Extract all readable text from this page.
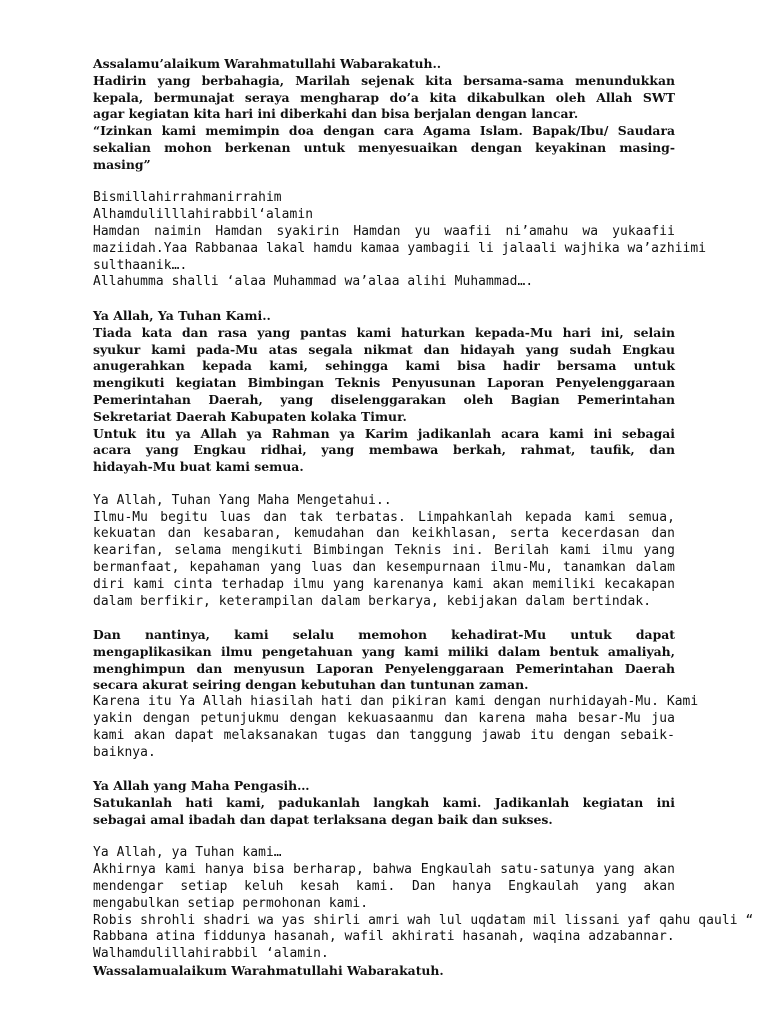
Assalamu’alaikum Warahmatullahi Wabarakatuh..
Hadirin yang berbahagia, Marilah sejenak kita bersama-sama menundukkan
kepala, bermunajat seraya mengharap do’a kita dikabulkan oleh Allah SWT
agar kegiatan kita hari ini diberkahi dan bisa berjalan dengan lancar.
“Izinkan kami memimpin doa dengan cara Agama Islam. Bapak/Ibu/ Saudara
sekalian mohon berkenan untuk menyesuaikan dengan keyakinan masing-
masing”
Bismillahirrahmanirrahim
Alhamdulilllahirabbil‘alamin
Hamdan naimin Hamdan syakirin Hamdan yu waafii ni’amahu wa yukaafii
maziidah.Yaa Rabbanaa lakal hamdu kamaa yambagii li jalaali wajhika wa’azhiimi
sulthaanik….
Allahumma shalli ‘alaa Muhammad wa’alaa alihi Muhammad….
Ya Allah, Ya Tuhan Kami..
Tiada kata dan rasa yang pantas kami haturkan kepada-Mu hari ini, selain
syukur kami pada-Mu atas segala nikmat dan hidayah yang sudah Engkau
anugerahkan kepada kami, sehingga kami bisa hadir bersama untuk
mengikuti kegiatan Bimbingan Teknis Penyusunan Laporan Penyelenggaraan
Pemerintahan Daerah, yang diselenggarakan oleh Bagian Pemerintahan
Sekretariat Daerah Kabupaten kolaka Timur.
Untuk itu ya Allah ya Rahman ya Karim jadikanlah acara kami ini sebagai
acara yang Engkau ridhai, yang membawa berkah, rahmat, taufik, dan
hidayah-Mu buat kami semua.
Ya Allah, Tuhan Yang Maha Mengetahui..
Ilmu-Mu begitu luas dan tak terbatas. Limpahkanlah kepada kami semua,
kekuatan dan kesabaran, kemudahan dan keikhlasan, serta kecerdasan dan
kearifan, selama mengikuti Bimbingan Teknis ini. Berilah kami ilmu yang
bermanfaat, kepahaman yang luas dan kesempurnaan ilmu-Mu, tanamkan dalam
diri kami cinta terhadap ilmu yang karenanya kami akan memiliki kecakapan
dalam berfikir, keterampilan dalam berkarya, kebijakan dalam bertindak.
Dan nantinya, kami selalu memohon kehadirat-Mu untuk dapat
mengaplikasikan ilmu pengetahuan yang kami miliki dalam bentuk amaliyah,
menghimpun dan menyusun Laporan Penyelenggaraan Pemerintahan Daerah
secara akurat seiring dengan kebutuhan dan tuntunan zaman.
Karena itu Ya Allah hiasilah hati dan pikiran kami dengan nurhidayah-Mu. Kami
yakin dengan petunjukmu dengan kekuasaanmu dan karena maha besar-Mu jua
kami akan dapat melaksanakan tugas dan tanggung jawab itu dengan sebaik-
baiknya.
Ya Allah yang Maha Pengasih…
Satukanlah hati kami, padukanlah langkah kami. Jadikanlah kegiatan ini
sebagai amal ibadah dan dapat terlaksana degan baik dan sukses.
Ya Allah, ya Tuhan kami…
Akhirnya kami hanya bisa berharap, bahwa Engkaulah satu-satunya yang akan
mendengar setiap keluh kesah kami. Dan hanya Engkaulah yang akan
mengabulkan setiap permohonan kami.
Robis shrohli shadri wa yas shirli amri wah lul uqdatam mil lissani yaf qahu qauli “
Rabbana atina fiddunya hasanah, wafil akhirati hasanah, waqina adzabannar.
Walhamdulillahirabbil ‘alamin.
Wassalamualaikum Warahmatullahi Wabarakatuh.
